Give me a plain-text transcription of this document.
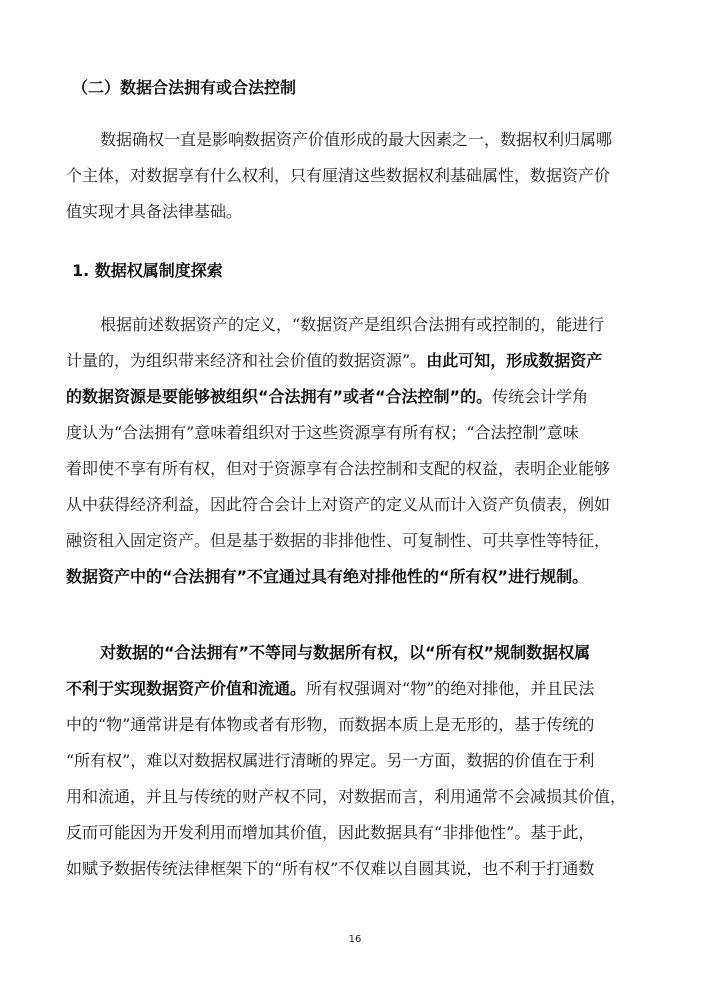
（二）数据合法拥有或合法控制
数据确权一直是影响数据资产价值形成的最大因素之一，数据权利归属哪
个主体，对数据享有什么权利，只有厘清这些数据权利基础属性，数据资产价
值实现才具备法律基础。
1. 数据权属制度探索
根据前述数据资产的定义，“数据资产是组织合法拥有或控制的，能进行
计量的，为组织带来经济和社会价值的数据资源”。由此可知，形成数据资产
的数据资源是要能够被组织“合法拥有”或者“合法控制”的。传统会计学角
度认为“合法拥有”意味着组织对于这些资源享有所有权；“合法控制”意味
着即使不享有所有权，但对于资源享有合法控制和支配的权益，表明企业能够
从中获得经济利益，因此符合会计上对资产的定义从而计入资产负债表，例如
融资租入固定资产。但是基于数据的非排他性、可复制性、可共享性等特征，
数据资产中的“合法拥有”不宜通过具有绝对排他性的“所有权”进行规制。
对数据的“合法拥有”不等同与数据所有权，以“所有权”规制数据权属
不利于实现数据资产价值和流通。所有权强调对“物”的绝对排他，并且民法
中的“物”通常讲是有体物或者有形物，而数据本质上是无形的，基于传统的
“所有权”，难以对数据权属进行清晰的界定。另一方面，数据的价值在于利
用和流通，并且与传统的财产权不同，对数据而言，利用通常不会减损其价值，
反而可能因为开发利用而增加其价值，因此数据具有“非排他性”。基于此，
如赋予数据传统法律框架下的“所有权”不仅难以自圆其说，也不利于打通数
16
